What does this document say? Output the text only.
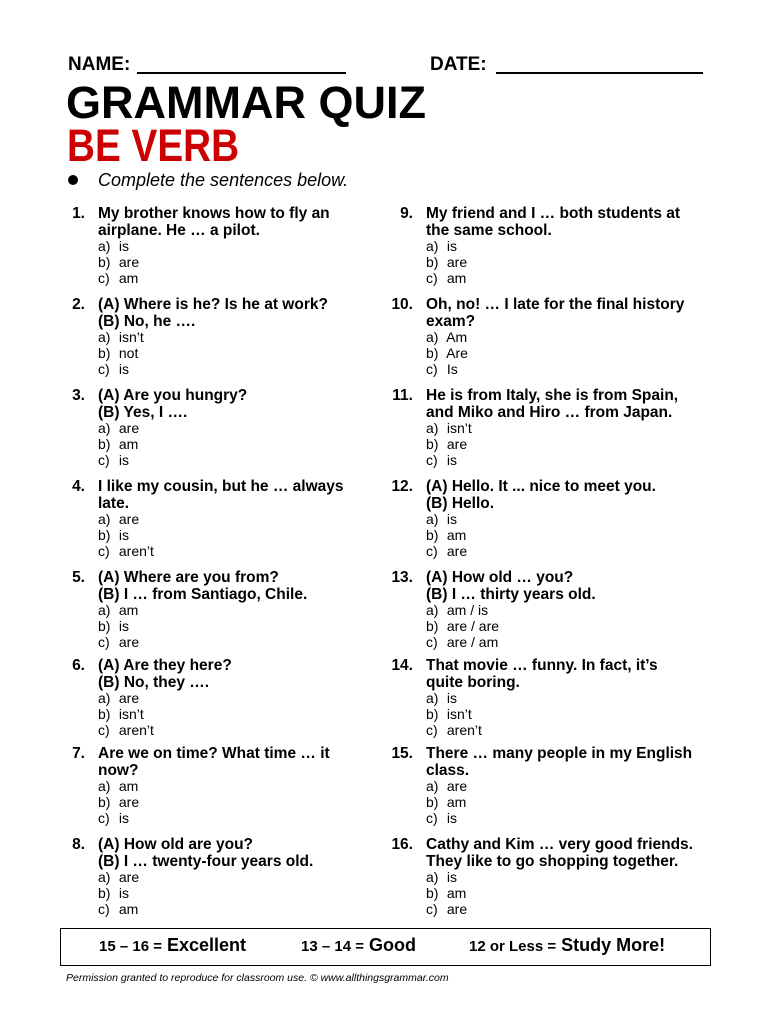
NAME:	DATE:
GRAMMAR QUIZ
BE VERB
Complete the sentences below.
1. My brother knows how to fly an
airplane. He … a pilot.
a) is
b) are
c) am
2. (A) Where is he? Is he at work?
(B) No, he ….
a) isn’t
b) not
c) is
3. (A) Are you hungry?
(B) Yes, I ….
a) are
b) am
c) is
4. I like my cousin, but he … always
late.
a) are
b) is
c) aren’t
5. (A) Where are you from?
(B) I … from Santiago, Chile.
a) am
b) is
c) are
6. (A) Are they here?
(B) No, they ….
a) are
b) isn’t
c) aren’t
7. Are we on time? What time … it
now?
a) am
b) are
c) is
8. (A) How old are you?
(B) I … twenty-four years old.
a) are
b) is
c) am
9. My friend and I … both students at
the same school.
a) is
b) are
c) am
10. Oh, no! … I late for the final history
exam?
a) Am
b) Are
c) Is
11. He is from Italy, she is from Spain,
and Miko and Hiro … from Japan.
a) isn’t
b) are
c) is
12. (A) Hello. It ... nice to meet you.
(B) Hello.
a) is
b) am
c) are
13. (A) How old … you?
(B) I … thirty years old.
a) am / is
b) are / are
c) are / am
14. That movie … funny. In fact, it’s
quite boring.
a) is
b) isn’t
c) aren’t
15. There … many people in my English
class.
a) are
b) am
c) is
16. Cathy and Kim … very good friends.
They like to go shopping together.
a) is
b) am
c) are
15 – 16 = Excellent	13 – 14 = Good	12 or Less = Study More!
Permission granted to reproduce for classroom use. © www.allthingsgrammar.com
